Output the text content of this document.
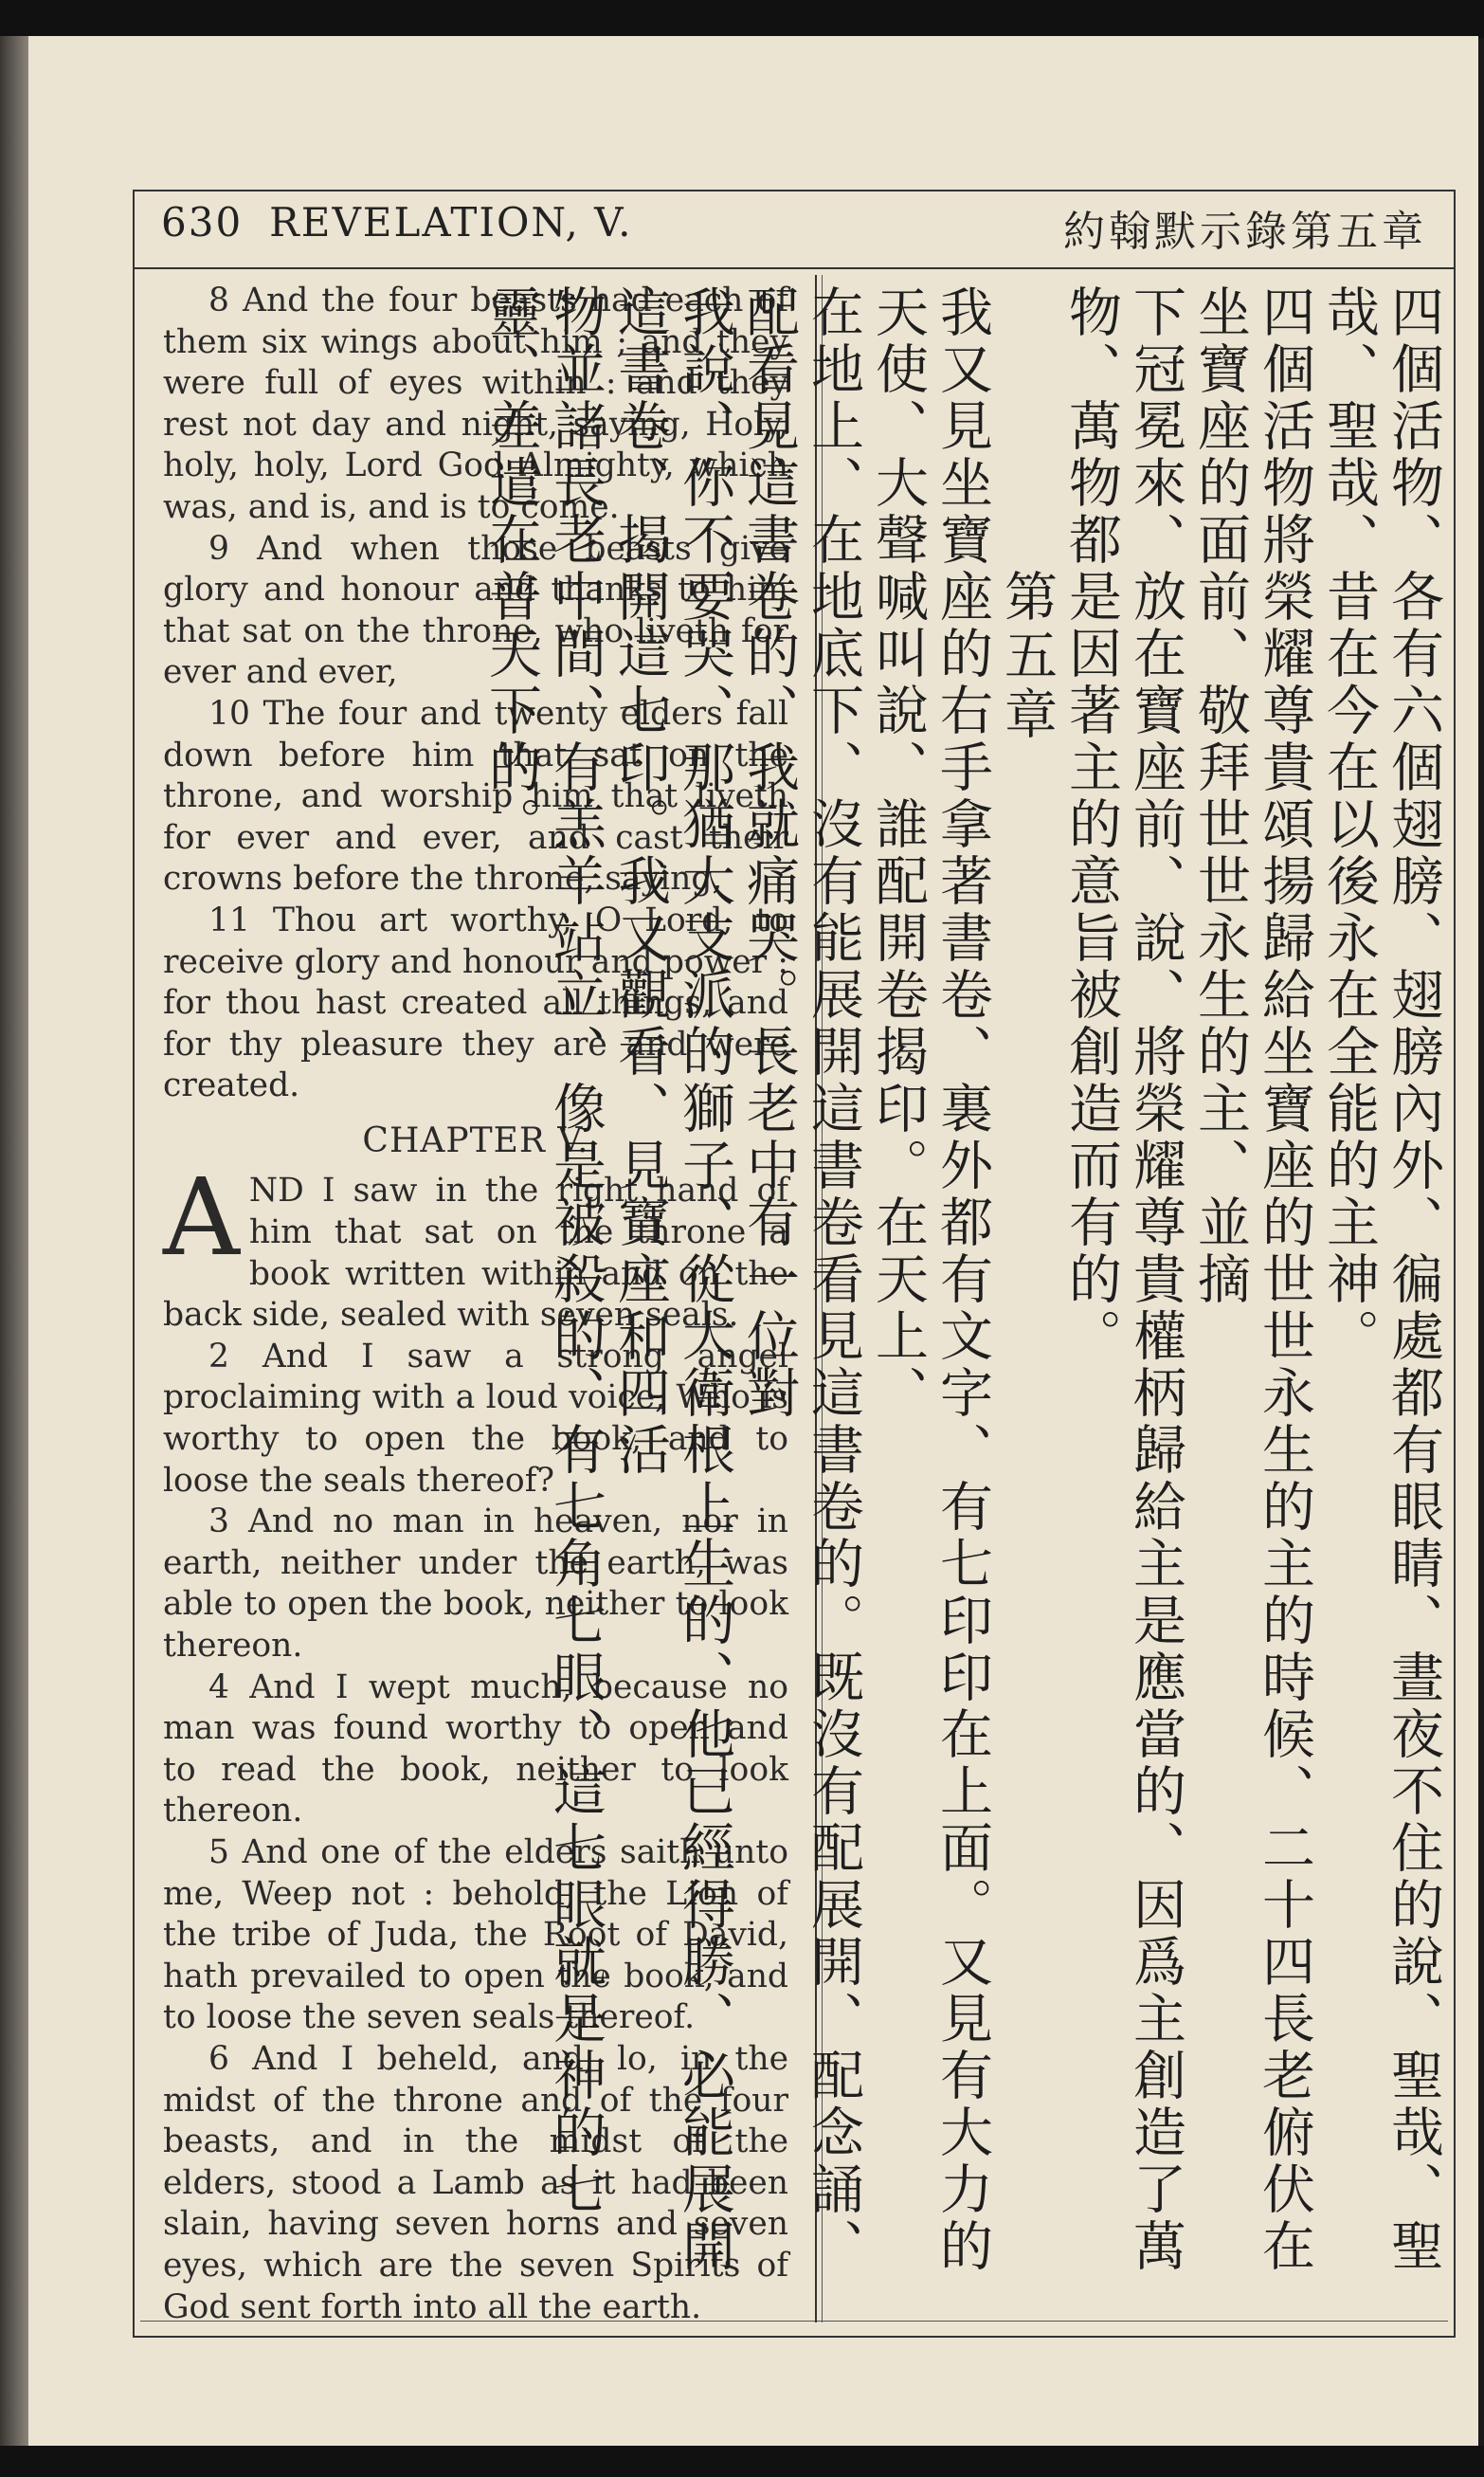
630 REVELATION, V.	約翰默示錄第五章

8 And the four beasts had each of them six wings about him ; and they were full of eyes within : and they rest not day and night, saying, Holy, holy, holy, Lord God Almighty, which was, and is, and is to come.

9 And when those beasts give glory and honour and thanks to him that sat on the throne, who liveth for ever and ever,

10 The four and twenty elders fall down before him that sat on the throne, and worship him that liveth for ever and ever, and cast their crowns before the throne, saying,

11 Thou art worthy, O Lord, to receive glory and honour and power : for thou hast created all things, and for thy pleasure they are and were created.

CHAPTER V.

AND I saw in the right hand of him that sat on the throne a book written within and on the back side, sealed with seven seals.

2 And I saw a strong angel proclaiming with a loud voice, Who is worthy to open the book, and to loose the seals thereof?

3 And no man in heaven, nor in earth, neither under the earth, was able to open the book, neither to look thereon.

4 And I wept much, because no man was found worthy to open and to read the book, neither to look thereon.

5 And one of the elders saith unto me, Weep not : behold, the Lion of the tribe of Juda, the Root of David, hath prevailed to open the book, and to loose the seven seals thereof.

6 And I beheld, and, lo, in the midst of the throne and of the four beasts, and in the midst of the elders, stood a Lamb as it had been slain, having seven horns and seven eyes, which are the seven Spirits of God sent forth into all the earth.

四個活物、各有六個翅膀、翅膀內外、徧處都有眼睛、晝夜不住的說、聖哉、聖哉、聖哉、昔在今在以後永在全能的主神。

四個活物將榮耀尊貴頌揚歸給坐寶座的世世永生的主的時候、二十四長老俯伏在坐寶座的面前、敬拜世世永生的主、並摘

下冠冕來、放在寶座前、說、將榮耀尊貴權柄歸給主是應當的、因爲主創造了萬物、萬物都是因著主的意旨被創造而有的。

第五章

我又見坐寶座的右手拿著書卷、裏外都有文字、有七印印在上面。又見有大力的天使、大聲喊叫說、誰配開卷揭印。在天上、

在地上、在地底下、沒有能展開這書卷看見這書卷的。既沒有配展開、配念誦、配看見這書卷的、我就痛哭。長老中有一位對

我說、你不要哭、那猶大支派的獅子、從大衛根上生的、他已經得勝、必能展開這書卷、揭開這七印。我又觀看、見寶座和四活

物並諸長老中間、有羔羊站立、像是被殺的、有七角七眼、這七眼就是神的七靈、差遣在普天下的。
